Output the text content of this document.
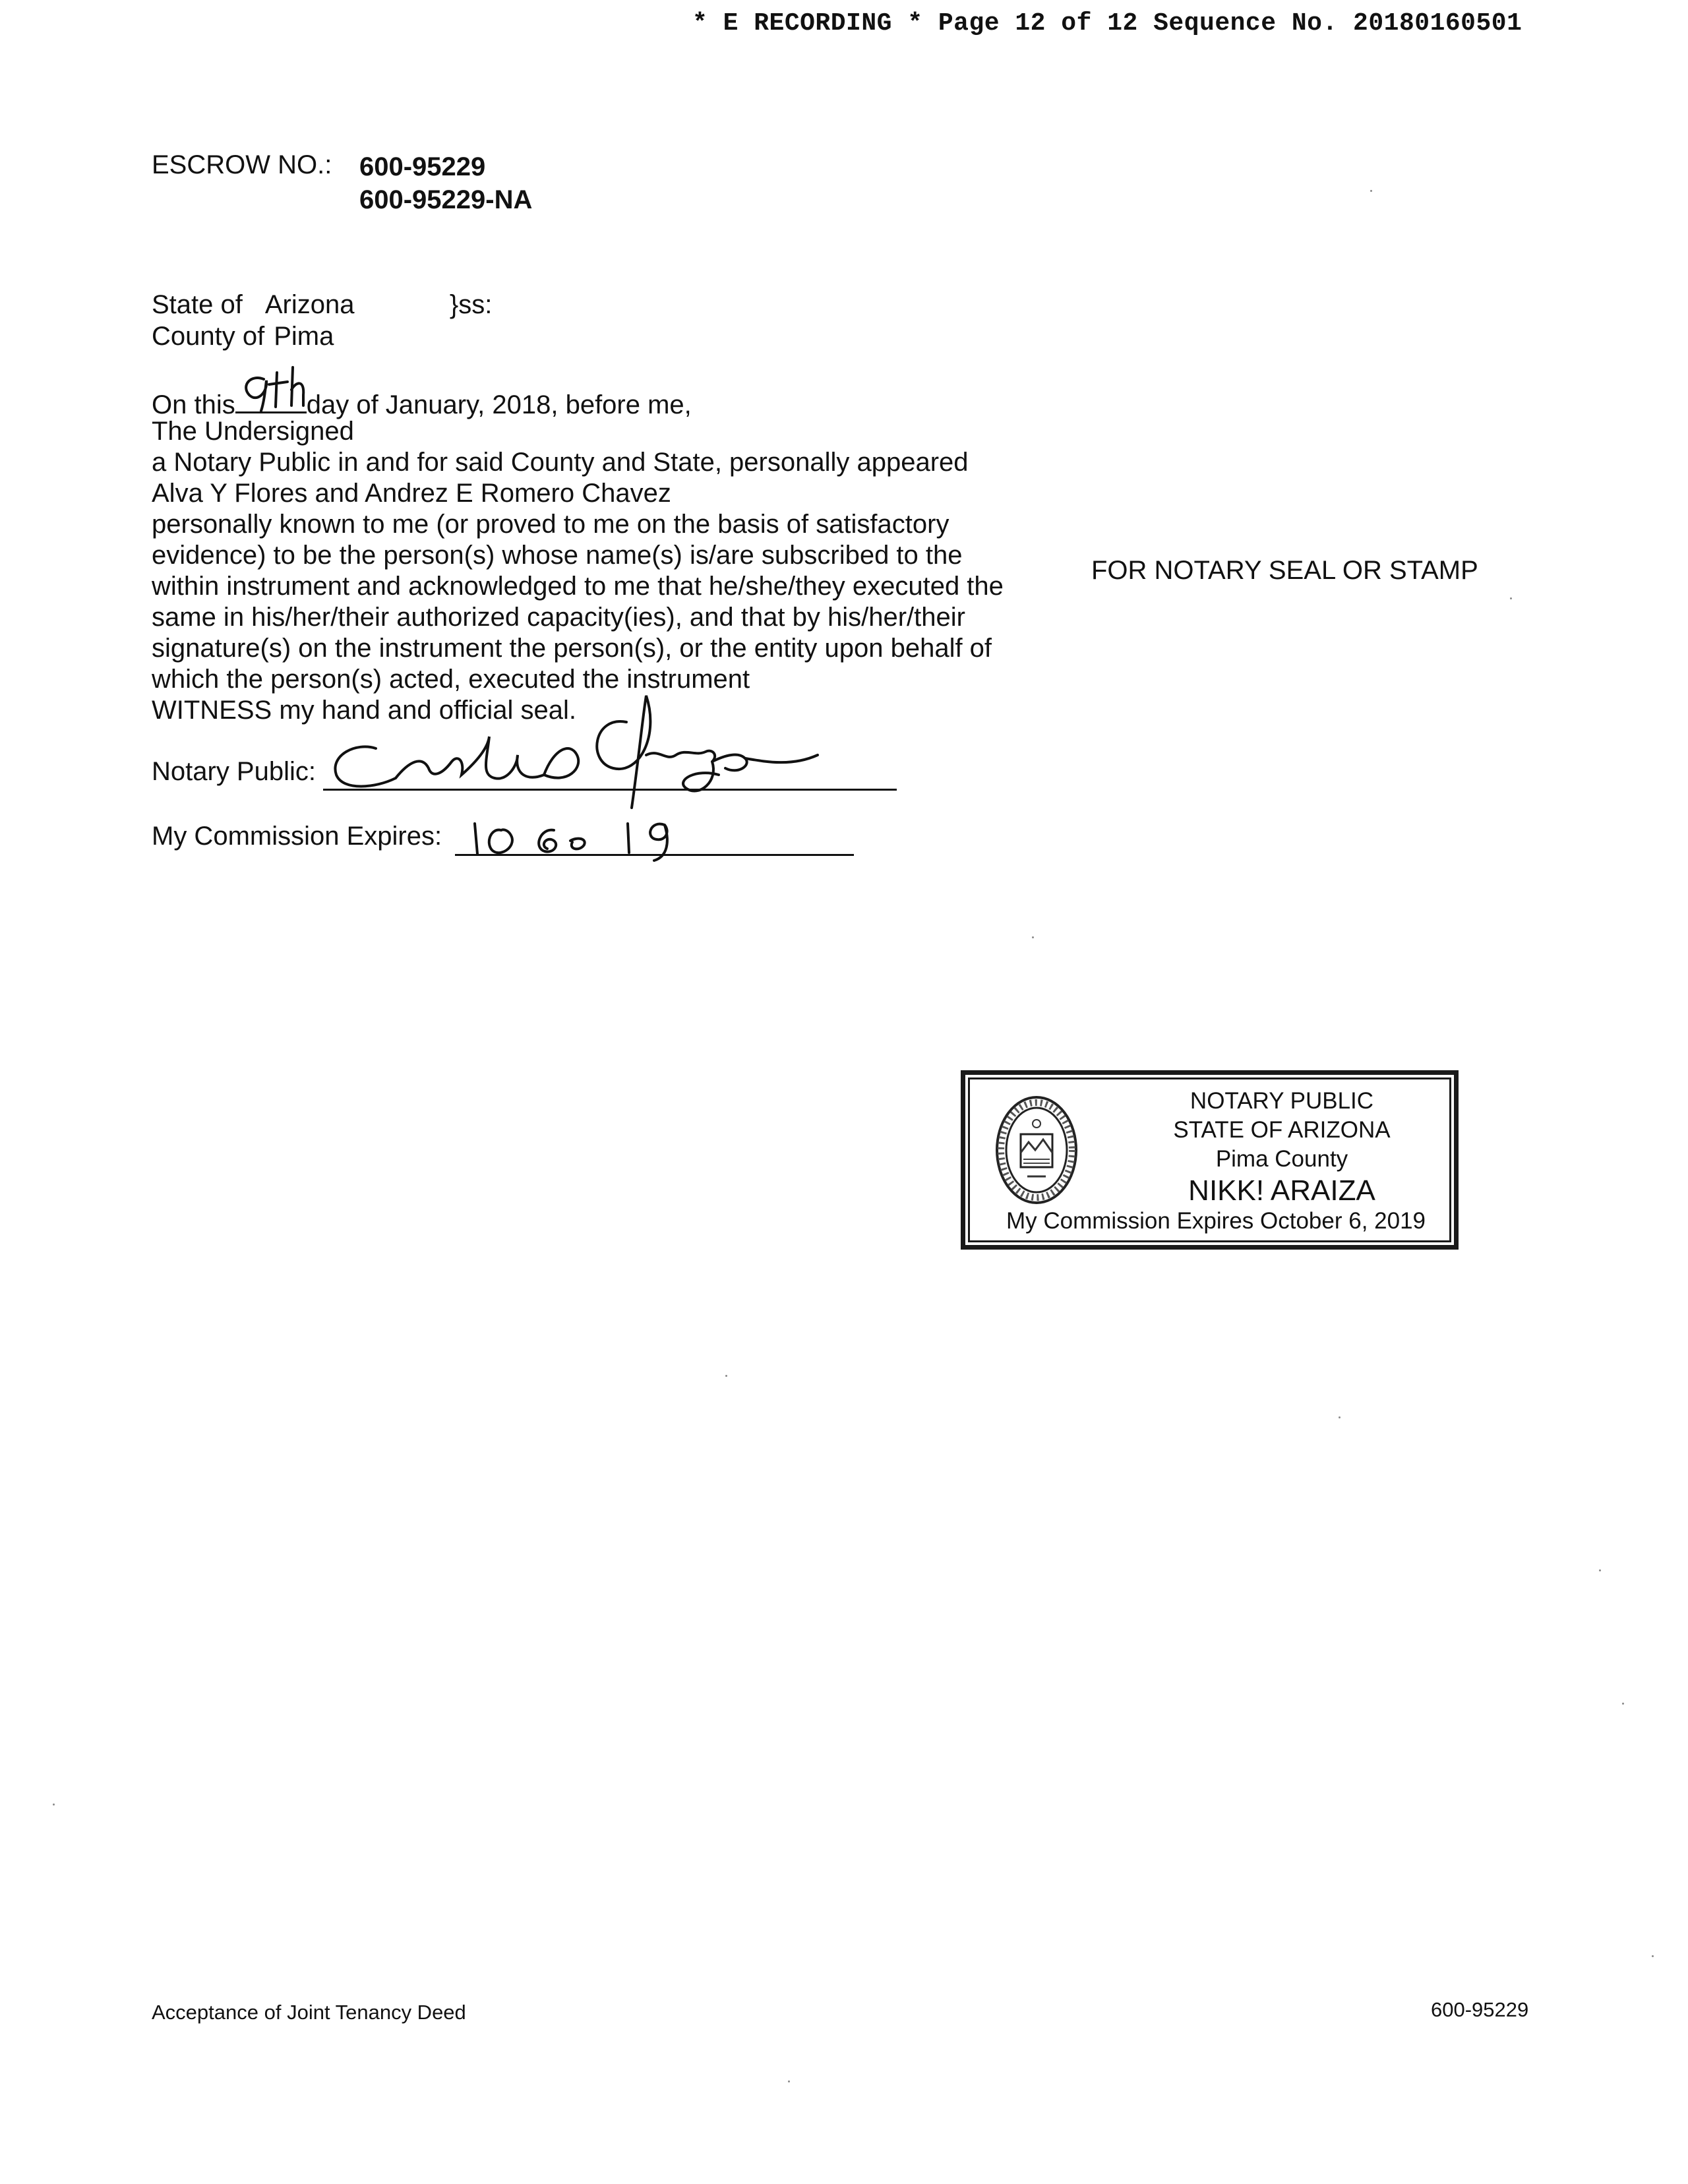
* E RECORDING * Page 12 of 12 Sequence No. 20180160501
ESCROW NO.: 600-95229
600-95229-NA
State of Arizona	}ss:
County of Pima
On this	day of January, 2018, before me,
The Undersigned
a Notary Public in and for said County and State, personally appeared
Alva Y Flores and Andrez E Romero Chavez
personally known to me (or proved to me on the basis of satisfactory
evidence) to be the person(s) whose name(s) is/are subscribed to the
within instrument and acknowledged to me that he/she/they executed the
same in his/her/their authorized capacity(ies), and that by his/her/their
signature(s) on the instrument the person(s), or the entity upon behalf of
which the person(s) acted, executed the instrument
WITNESS my hand and official seal.
Notary Public:
My Commission Expires:
FOR NOTARY SEAL OR STAMP
NOTARY PUBLIC
STATE OF ARIZONA
Pima County
NIKK! ARAIZA
My Commission Expires October 6, 2019
Acceptance of Joint Tenancy Deed	600-95229
